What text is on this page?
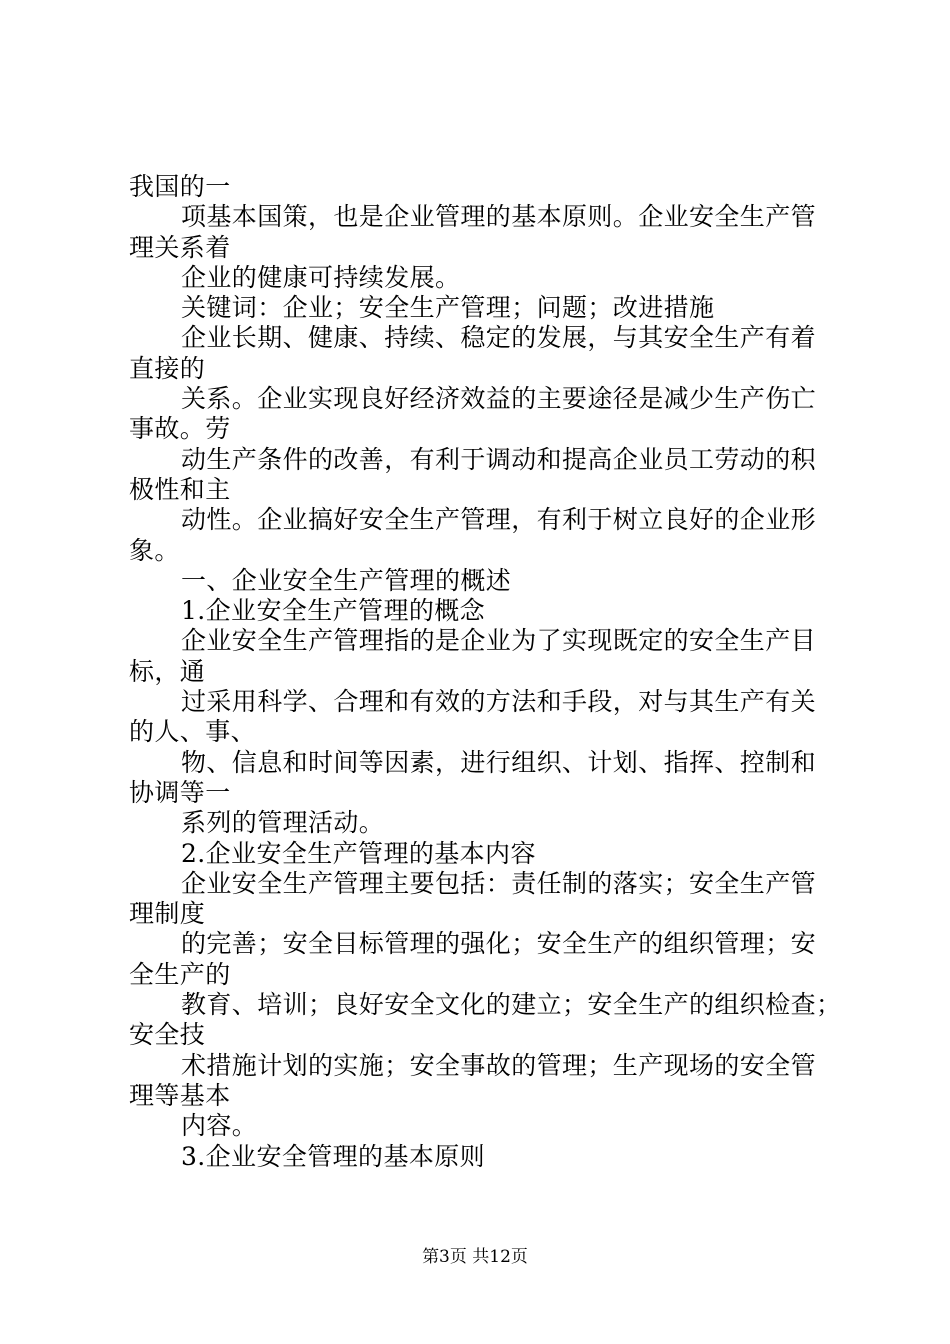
我国的一
项基本国策，也是企业管理的基本原则。企业安全生产管
理关系着
企业的健康可持续发展。
关键词：企业；安全生产管理；问题；改进措施
企业长期、健康、持续、稳定的发展，与其安全生产有着
直接的
关系。企业实现良好经济效益的主要途径是减少生产伤亡
事故。劳
动生产条件的改善，有利于调动和提高企业员工劳动的积
极性和主
动性。企业搞好安全生产管理，有利于树立良好的企业形
象。
一、企业安全生产管理的概述
1.企业安全生产管理的概念
企业安全生产管理指的是企业为了实现既定的安全生产目
标，通
过采用科学、合理和有效的方法和手段，对与其生产有关
的人、事、
物、信息和时间等因素，进行组织、计划、指挥、控制和
协调等一
系列的管理活动。
2.企业安全生产管理的基本内容
企业安全生产管理主要包括：责任制的落实；安全生产管
理制度
的完善；安全目标管理的强化；安全生产的组织管理；安
全生产的
教育、培训；良好安全文化的建立；安全生产的组织检查；
安全技
术措施计划的实施；安全事故的管理；生产现场的安全管
理等基本
内容。
3.企业安全管理的基本原则
第3页 共12页
